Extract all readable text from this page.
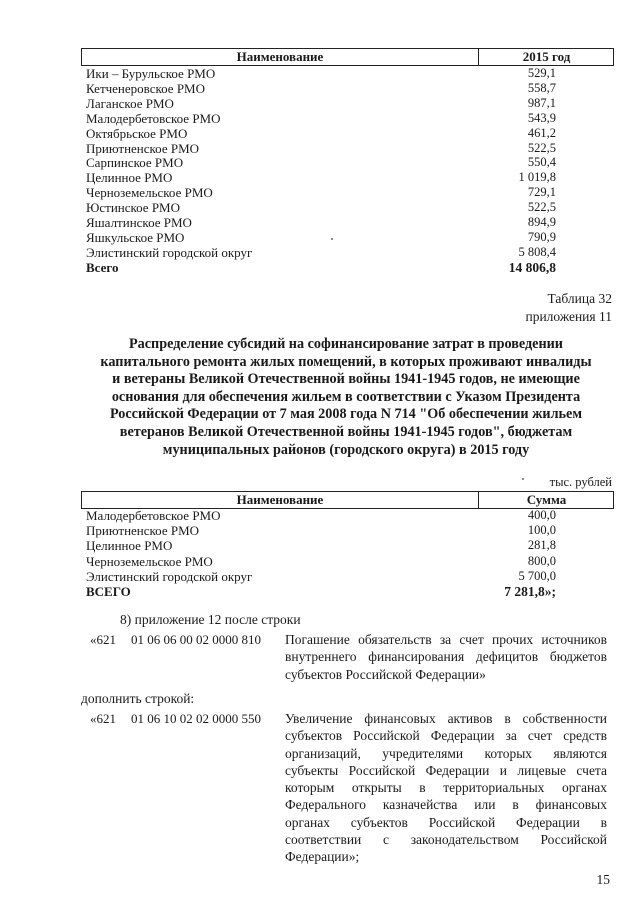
Наименование	2015 год
Ики – Бурульское РМО	529,1
Кетченеровское РМО	558,7
Лаганское РМО	987,1
Малодербетовское РМО	543,9
Октябрьское РМО	461,2
Приютненское РМО	522,5
Сарпинское РМО	550,4
Целинное РМО	1 019,8
Черноземельское РМО	729,1
Юстинское РМО	522,5
Яшалтинское РМО	894,9
Яшкульское РМО	790,9
Элистинский городской округ	5 808,4
Всего	14 806,8
Таблица 32
приложения 11
Распределение субсидий на софинансирование затрат в проведении
капитального ремонта жилых помещений, в которых проживают инвалиды
и ветераны Великой Отечественной войны 1941-1945 годов, не имеющие
основания для обеспечения жильем в соответствии с Указом Президента
Российской Федерации от 7 мая 2008 года N 714 "Об обеспечении жильем
ветеранов Великой Отечественной войны 1941-1945 годов", бюджетам
муниципальных районов (городского округа) в 2015 году
тыс. рублей
Наименование	Сумма
Малодербетовское РМО	400,0
Приютненское РМО	100,0
Целинное РМО	281,8
Черноземельское РМО	800,0
Элистинский городской округ	5 700,0
ВСЕГО	7 281,8»;
8) приложение 12 после строки
«621 01 06 06 00 02 0000 810 Погашение обязательств за счет прочих источников
внутреннего финансирования дефицитов бюджетов
субъектов Российской Федерации»
дополнить строкой:
«621 01 06 10 02 02 0000 550 Увеличение финансовых активов в собственности
субъектов Российской Федерации за счет средств
организаций, учредителями которых являются
субъекты Российской Федерации и лицевые счета
которым открыты в территориальных органах
Федерального казначейства или в финансовых
органах субъектов Российской Федерации в
соответствии с законодательством Российской
Федерации»;
15
